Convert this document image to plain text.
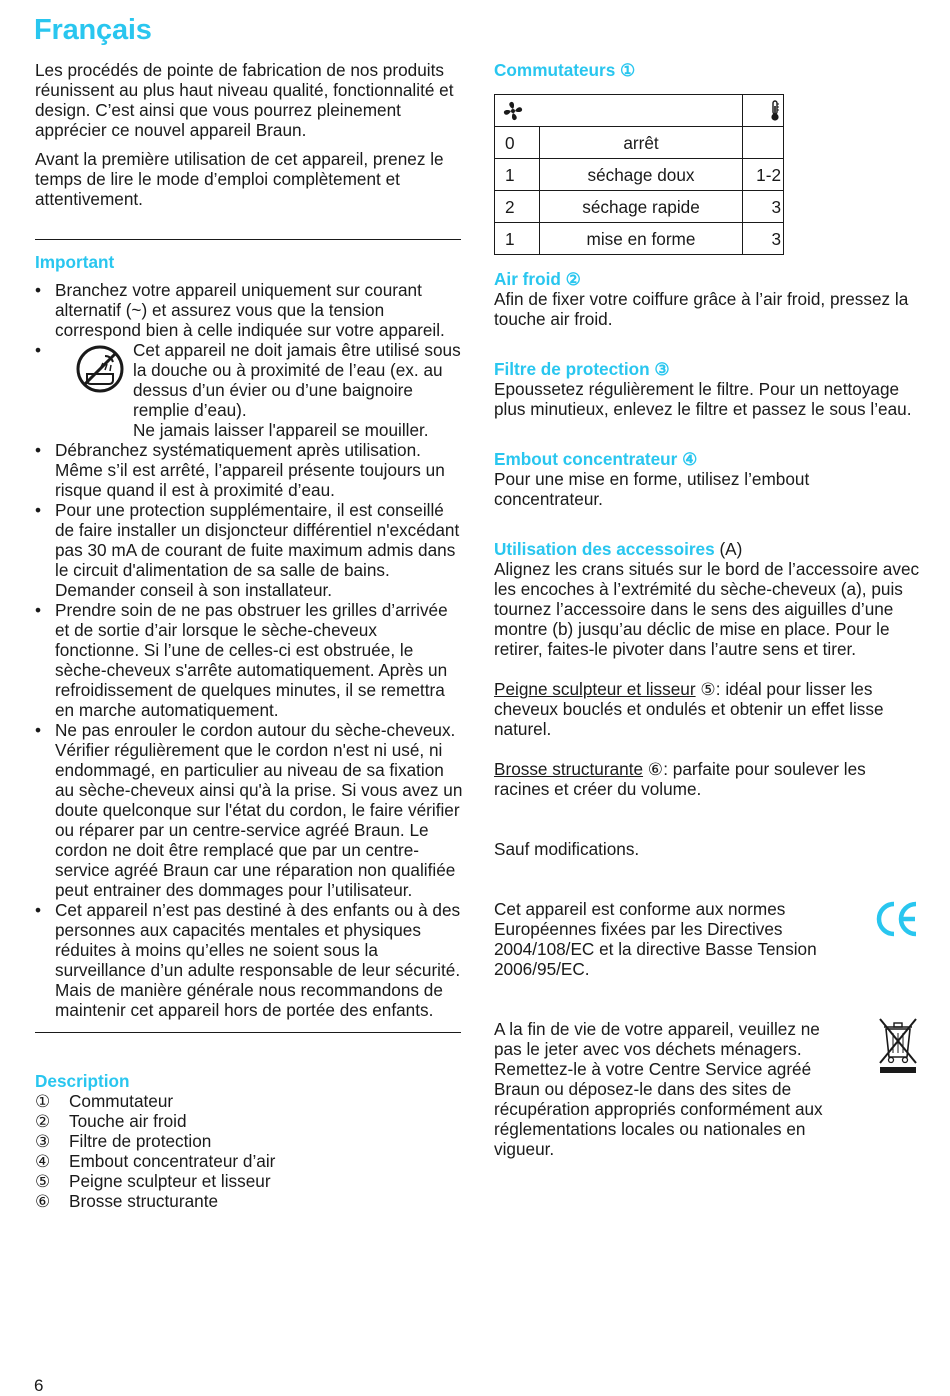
Français

Les procédés de pointe de fabrication de nos produits réunissent au plus haut niveau qualité, fonctionnalité et design. C’est ainsi que vous pourrez pleinement apprécier ce nouvel appareil Braun.

Avant la première utilisation de cet appareil, prenez le temps de lire le mode d’emploi complètement et attentivement.

Important

• Branchez votre appareil uniquement sur courant alternatif (~) et assurez vous que la tension correspond bien à celle indiquée sur votre appareil.
•	Cet appareil ne doit jamais être utilisé sous la douche ou à proximité de l’eau (ex. au dessus d’un évier ou d’une baignoire remplie d’eau).
Ne jamais laisser l'appareil se mouiller.
• Débranchez systématiquement après utilisation. Même s’il est arrêté, l’appareil présente toujours un risque quand il est à proximité d’eau.
• Pour une protection supplémentaire, il est conseillé de faire installer un disjoncteur différentiel n'excédant pas 30 mA de courant de fuite maximum admis dans le circuit d'alimentation de sa salle de bains. Demander conseil à son installateur.
• Prendre soin de ne pas obstruer les grilles d’arrivée et de sortie d’air lorsque le sèche-cheveux fonctionne. Si l’une de celles-ci est obstruée, le sèche-cheveux s'arrête automatiquement. Après un refroidissement de quelques minutes, il se remettra en marche automatiquement.
• Ne pas enrouler le cordon autour du sèche-cheveux. Vérifier régulièrement que le cordon n'est ni usé, ni endommagé, en particulier au niveau de sa fixation au sèche-cheveux ainsi qu'à la prise. Si vous avez un doute quelconque sur l'état du cordon, le faire vérifier ou réparer par un centre-service agréé Braun. Le cordon ne doit être remplacé que par un centre-service agréé Braun car une réparation non qualifiée peut entrainer des dommages pour l’utilisateur.
• Cet appareil n’est pas destiné à des enfants ou à des personnes aux capacités mentales et physiques réduites à moins qu’elles ne soient sous la surveillance d’un adulte responsable de leur sécurité. Mais de manière générale nous recommandons de maintenir cet appareil hors de portée des enfants.

Description

①	Commutateur
②	Touche air froid
③	Filtre de protection
④	Embout concentrateur d’air
⑤	Peigne sculpteur et lisseur
⑥	Brosse structurante

Commutateurs ①

0	arrêt	
1	séchage doux	1-2
2	séchage rapide	3
1	mise en forme	3

Air froid ②

Afin de fixer votre coiffure grâce à l’air froid, pressez la touche air froid.

Filtre de protection ③

Epoussetez régulièrement le filtre. Pour un nettoyage plus minutieux, enlevez le filtre et passez le sous l’eau.

Embout concentrateur ④

Pour une mise en forme, utilisez l’embout concentrateur.

Utilisation des accessoires (A)

Alignez les crans situés sur le bord de l’accessoire avec les encoches à l’extrémité du sèche-cheveux (a), puis tournez l’accessoire dans le sens des aiguilles d’une montre (b) jusqu’au déclic de mise en place. Pour le retirer, faites-le pivoter dans l’autre sens et tirer.

Peigne sculpteur et lisseur ⑤: idéal pour lisser les cheveux bouclés et ondulés et obtenir un effet lisse naturel.

Brosse structurante ⑥: parfaite pour soulever les racines et créer du volume.

Sauf modifications.

Cet appareil est conforme aux normes Européennes fixées par les Directives 2004/108/EC et la directive Basse Tension 2006/95/EC.

A la fin de vie de votre appareil, veuillez ne pas le jeter avec vos déchets ménagers. Remettez-le à votre Centre Service agréé Braun ou déposez-le dans des sites de récupération appropriés conformément aux réglementations locales ou nationales en vigueur.

6
